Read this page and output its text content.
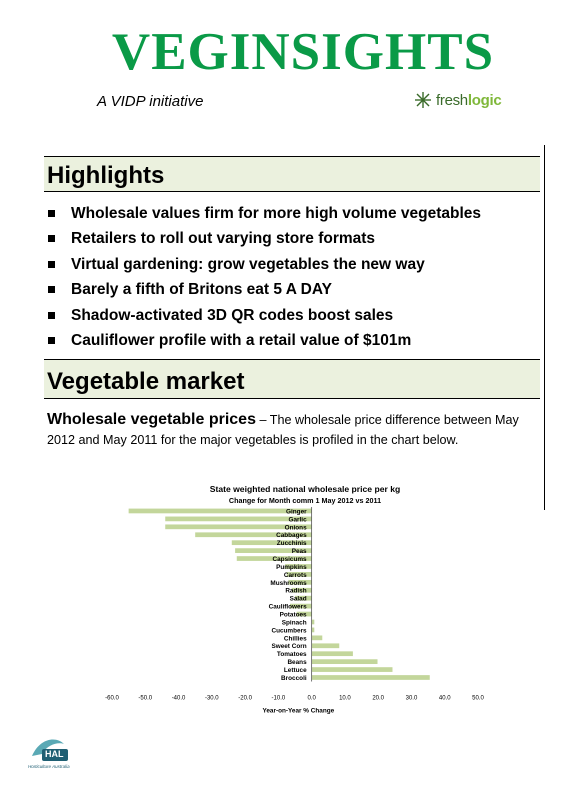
VEGINSIGHTS
A VIDP initiative	fresh logic
Highlights
Wholesale values firm for more high volume vegetables
Retailers to roll out varying store formats
Virtual gardening: grow vegetables the new way
Barely a fifth of Britons eat 5 A DAY
Shadow-activated 3D QR codes boost sales
Cauliflower profile with a retail value of $101m
Vegetable market
Wholesale vegetable prices – The wholesale price difference between May 2012 and May 2011 for the major vegetables is profiled in the chart below.
State weighted national wholesale price per kg
Change for Month comm 1 May 2012 vs 2011
Ginger
Garlic
Onions
Cabbages
Zucchinis
Peas
Capsicums
Pumpkins
Carrots
Mushrooms
Radish
Salad
Cauliflowers
Potatoes
Spinach
Cucumbers
Chillies
Sweet Corn
Tomatoes
Beans
Lettuce
Broccoli
-60.0	-50.0	-40.0	-30.0	-20.0	-10.0	0.0	10.0	20.0	30.0	40.0	50.0
Year-on-Year % Change
HAL
Horticulture Australia
